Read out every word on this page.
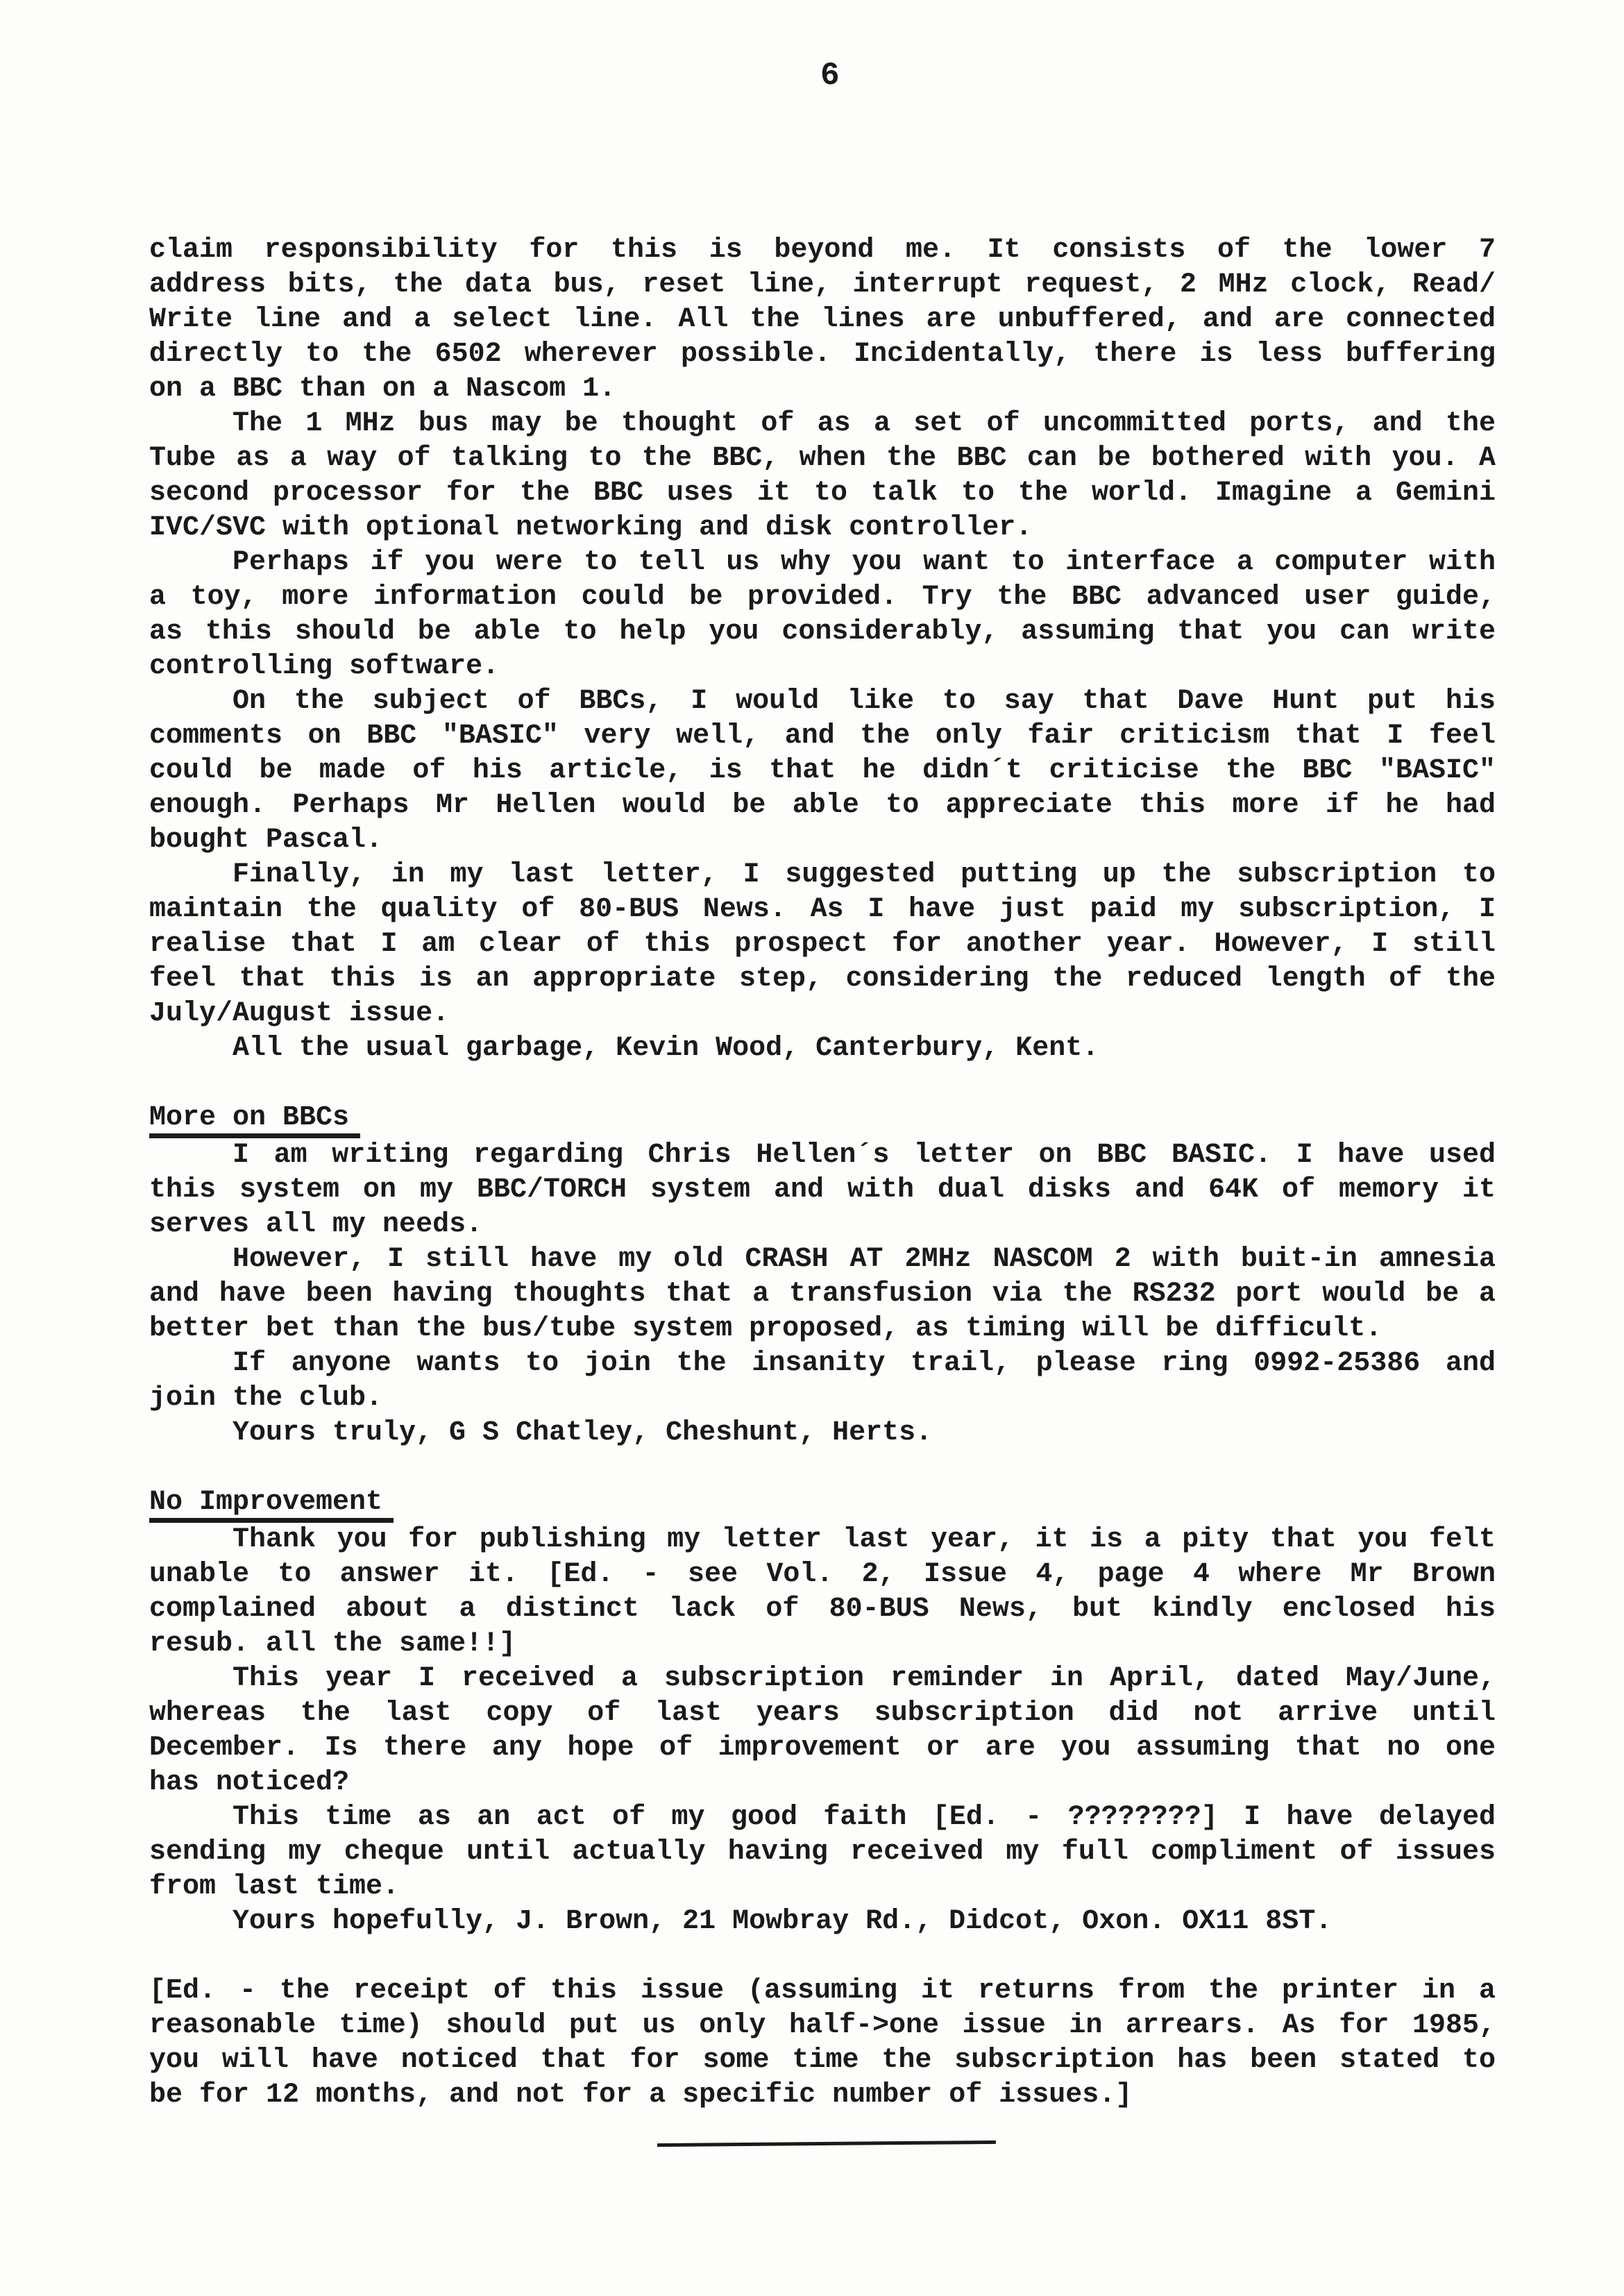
6
claim responsibility for this is beyond me. It consists of the lower 7
address bits, the data bus, reset line, interrupt request, 2 MHz clock, Read/
Write line and a select line. All the lines are unbuffered, and are connected
directly to the 6502 wherever possible. Incidentally, there is less buffering
on a BBC than on a Nascom 1.
The 1 MHz bus may be thought of as a set of uncommitted ports, and the
Tube as a way of talking to the BBC, when the BBC can be bothered with you. A
second processor for the BBC uses it to talk to the world. Imagine a Gemini
IVC/SVC with optional networking and disk controller.
Perhaps if you were to tell us why you want to interface a computer with
a toy, more information could be provided. Try the BBC advanced user guide,
as this should be able to help you considerably, assuming that you can write
controlling software.
On the subject of BBCs, I would like to say that Dave Hunt put his
comments on BBC "BASIC" very well, and the only fair criticism that I feel
could be made of his article, is that he didn´t criticise the BBC "BASIC"
enough. Perhaps Mr Hellen would be able to appreciate this more if he had
bought Pascal.
Finally, in my last letter, I suggested putting up the subscription to
maintain the quality of 80-BUS News. As I have just paid my subscription, I
realise that I am clear of this prospect for another year. However, I still
feel that this is an appropriate step, considering the reduced length of the
July/August issue.
All the usual garbage, Kevin Wood, Canterbury, Kent.
More on BBCs
I am writing regarding Chris Hellen´s letter on BBC BASIC. I have used
this system on my BBC/TORCH system and with dual disks and 64K of memory it
serves all my needs.
However, I still have my old CRASH AT 2MHz NASCOM 2 with buit-in amnesia
and have been having thoughts that a transfusion via the RS232 port would be a
better bet than the bus/tube system proposed, as timing will be difficult.
If anyone wants to join the insanity trail, please ring 0992-25386 and
join the club.
Yours truly, G S Chatley, Cheshunt, Herts.
No Improvement
Thank you for publishing my letter last year, it is a pity that you felt
unable to answer it. [Ed. - see Vol. 2, Issue 4, page 4 where Mr Brown
complained about a distinct lack of 80-BUS News, but kindly enclosed his
resub. all the same!!]
This year I received a subscription reminder in April, dated May/June,
whereas the last copy of last years subscription did not arrive until
December. Is there any hope of improvement or are you assuming that no one
has noticed?
This time as an act of my good faith [Ed. - ????????] I have delayed
sending my cheque until actually having received my full compliment of issues
from last time.
Yours hopefully, J. Brown, 21 Mowbray Rd., Didcot, Oxon. OX11 8ST.
[Ed. - the receipt of this issue (assuming it returns from the printer in a
reasonable time) should put us only half->one issue in arrears. As for 1985,
you will have noticed that for some time the subscription has been stated to
be for 12 months, and not for a specific number of issues.]
